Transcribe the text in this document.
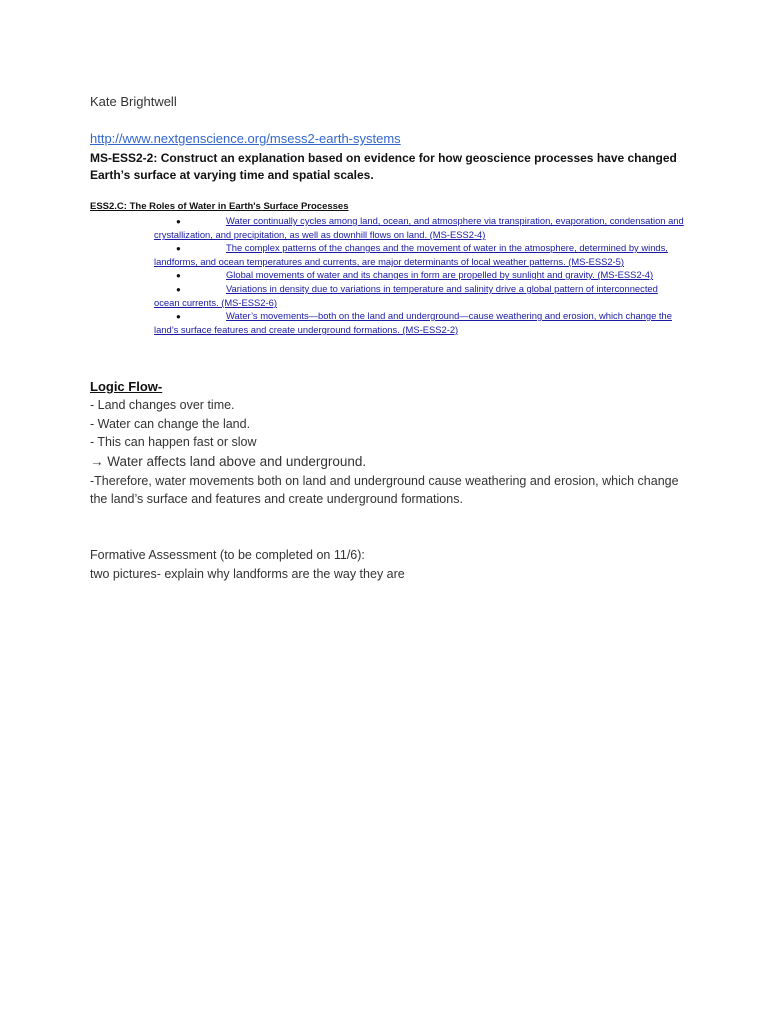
Kate Brightwell
http://www.nextgenscience.org/msess2-earth-systems
MS-ESS2-2: Construct an explanation based on evidence for how geoscience processes have changed Earth’s surface at varying time and spatial scales.
ESS2.C: The Roles of Water in Earth's Surface Processes
●	Water continually cycles among land, ocean, and atmosphere via transpiration, evaporation, condensation and crystallization, and precipitation, as well as downhill flows on land. (MS-ESS2-4)
●	The complex patterns of the changes and the movement of water in the atmosphere, determined by winds, landforms, and ocean temperatures and currents, are major determinants of local weather patterns. (MS-ESS2-5)
●	Global movements of water and its changes in form are propelled by sunlight and gravity. (MS-ESS2-4)
●	Variations in density due to variations in temperature and salinity drive a global pattern of interconnected ocean currents. (MS-ESS2-6)
●	Water’s movements—both on the land and underground—cause weathering and erosion, which change the land’s surface features and create underground formations. (MS-ESS2-2)
Logic Flow-
- Land changes over time.
- Water can change the land.
- This can happen fast or slow
→ Water affects land above and underground.
-Therefore, water movements both on land and underground cause weathering and erosion, which change the land’s surface and features and create underground formations.
Formative Assessment (to be completed on 11/6):
two pictures- explain why landforms are the way they are
